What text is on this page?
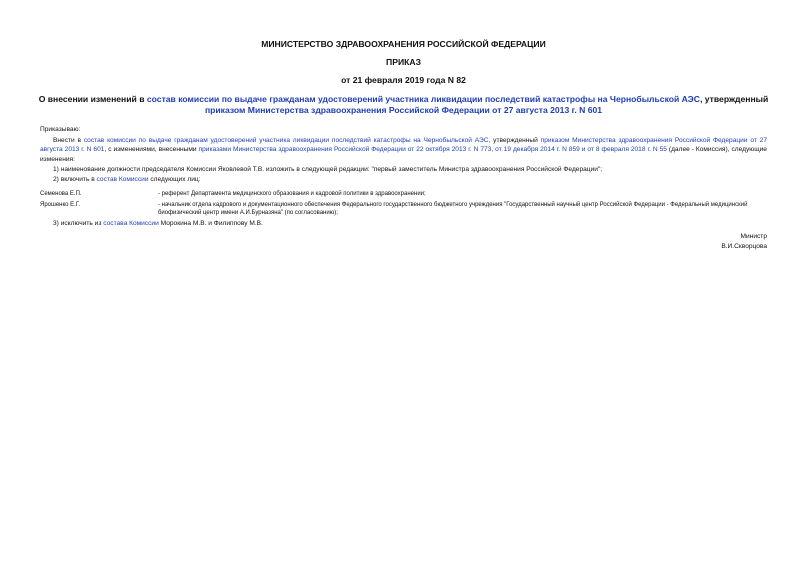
МИНИСТЕРСТВО ЗДРАВООХРАНЕНИЯ РОССИЙСКОЙ ФЕДЕРАЦИИ
ПРИКАЗ
от 21 февраля 2019 года N 82
О внесении изменений в состав комиссии по выдаче гражданам удостоверений участника ликвидации последствий катастрофы на Чернобыльской АЭС, утвержденный
приказом Министерства здравоохранения Российской Федерации от 27 августа 2013 г. N 601
Приказываю:
Внести в состав комиссии по выдаче гражданам удостоверений участника ликвидации последствий катастрофы на Чернобыльской АЭС, утвержденный приказом Министерства здравоохранения Российской Федерации от 27 августа 2013 г. N 601, с изменениями, внесенными приказами Министерства здравоохранения Российской Федерации от 22 октября 2013 г. N 773, от 19 декабря 2014 г. N 859 и от 8 февраля 2018 г. N 55 (далее - Комиссия), следующие изменения:
1) наименование должности председателя Комиссии Яковлевой Т.В. изложить в следующей редакции: "первый заместитель Министра здравоохранения Российской Федерации";
2) включить в состав Комиссии следующих лиц:
Семенова Е.П.	- референт Департамента медицинского образования и кадровой политики в здравоохранении;
Ярошенко Е.Г.	- начальник отдела кадрового и документационного обеспечения Федерального государственного бюджетного учреждения "Государственный научный центр Российской Федерации - Федеральный медицинский биофизический центр имени А.И.Бурназяна" (по согласованию);
3) исключить из состава Комиссии Морокина М.В. и Филиппову М.В.
Министр
В.И.Скворцова
